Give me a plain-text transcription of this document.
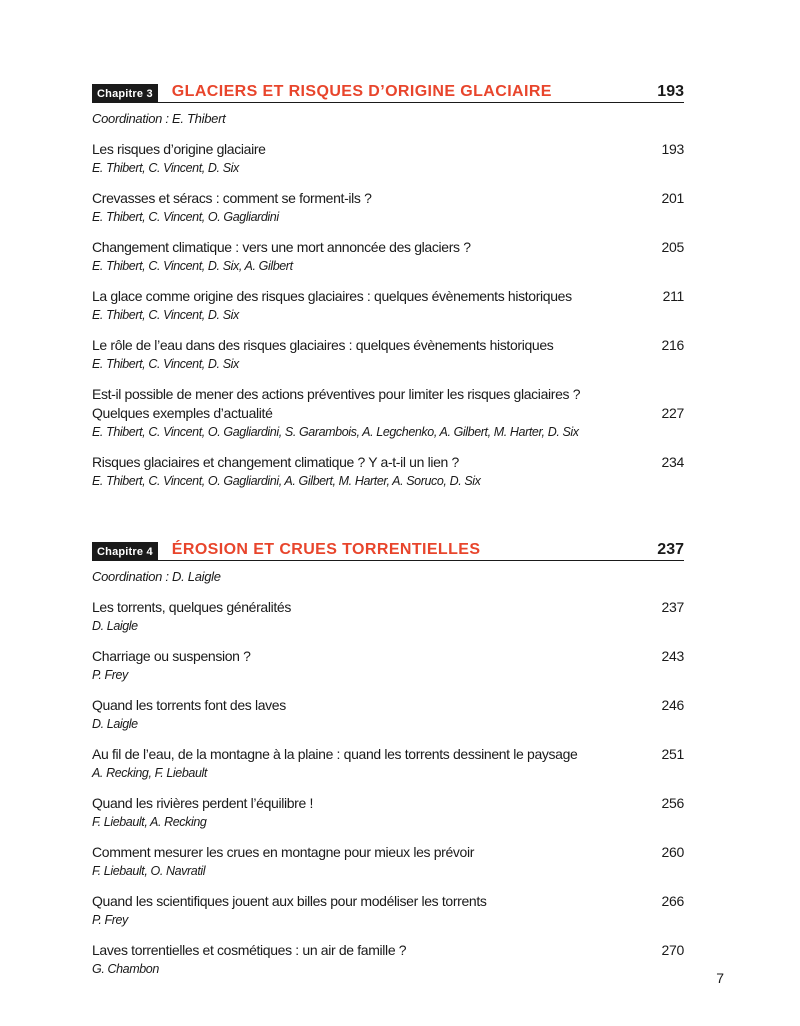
Chapitre 3	GLACIERS ET RISQUES D’ORIGINE GLACIAIRE	193
Coordination : E. Thibert
Les risques d’origine glaciaire	193
E. Thibert, C. Vincent, D. Six
Crevasses et séracs : comment se forment-ils ?	201
E. Thibert, C. Vincent, O. Gagliardini
Changement climatique : vers une mort annoncée des glaciers ?	205
E. Thibert, C. Vincent, D. Six, A. Gilbert
La glace comme origine des risques glaciaires : quelques évènements historiques	211
E. Thibert, C. Vincent, D. Six
Le rôle de l’eau dans des risques glaciaires : quelques évènements historiques	216
E. Thibert, C. Vincent, D. Six
Est-il possible de mener des actions préventives pour limiter les risques glaciaires ?
Quelques exemples d’actualité	227
E. Thibert, C. Vincent, O. Gagliardini, S. Garambois, A. Legchenko, A. Gilbert, M. Harter, D. Six
Risques glaciaires et changement climatique ? Y a-t-il un lien ?	234
E. Thibert, C. Vincent, O. Gagliardini, A. Gilbert, M. Harter, A. Soruco, D. Six
Chapitre 4	ÉROSION ET CRUES TORRENTIELLES	237
Coordination : D. Laigle
Les torrents, quelques généralités	237
D. Laigle
Charriage ou suspension ?	243
P. Frey
Quand les torrents font des laves	246
D. Laigle
Au fil de l’eau, de la montagne à la plaine : quand les torrents dessinent le paysage	251
A. Recking, F. Liebault
Quand les rivières perdent l’équilibre !	256
F. Liebault, A. Recking
Comment mesurer les crues en montagne pour mieux les prévoir	260
F. Liebault, O. Navratil
Quand les scientifiques jouent aux billes pour modéliser les torrents	266
P. Frey
Laves torrentielles et cosmétiques : un air de famille ?	270
G. Chambon
7
